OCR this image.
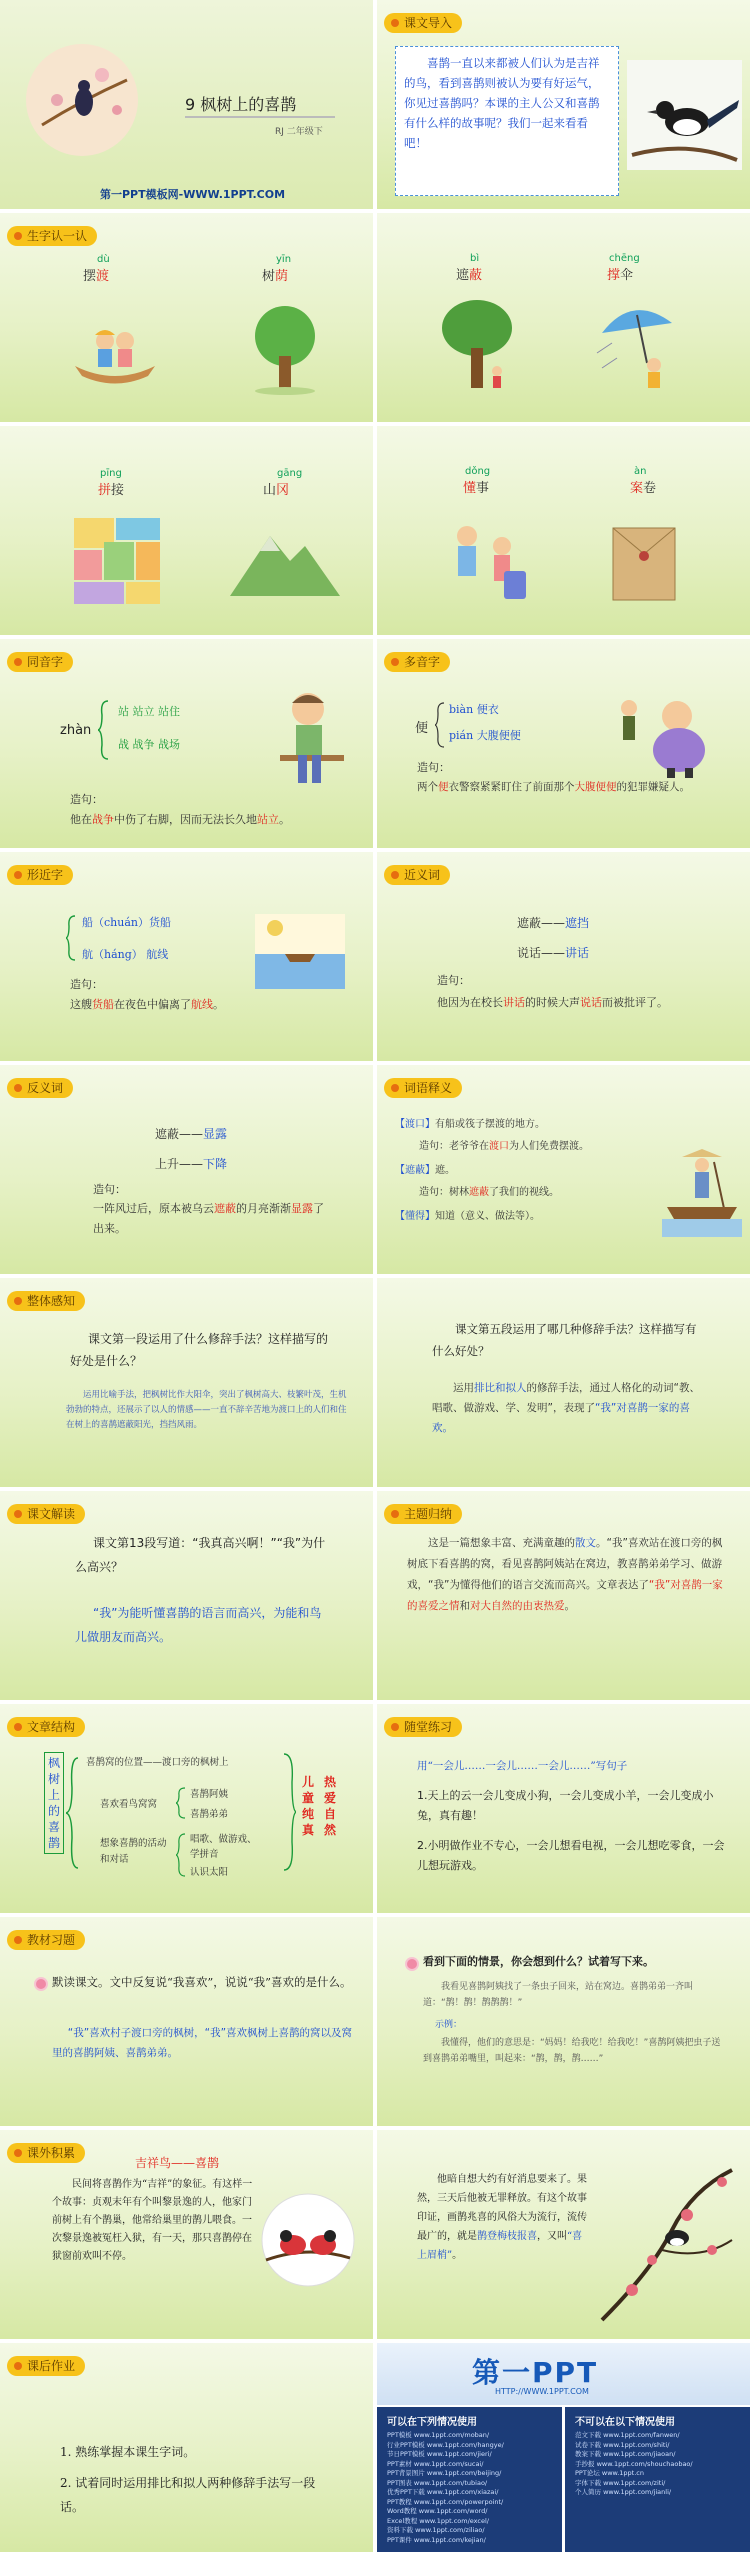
9 枫树上的喜鹊
RJ 二年级下
第一PPT模板网-WWW.1PPT.COM
课文导入
喜鹊一直以来都被人们认为是吉祥的鸟，看到喜鹊则被认为要有好运气，你见过喜鹊吗？本课的主人公又和喜鹊有什么样的故事呢？我们一起来看看吧！
生字认一认
dù
摆渡
yīn
树荫
bì
遮蔽
chēng
撑伞
pīng
拼接
gāng
山冈
dǒng
懂事
àn
案卷
同音字
zhàn
站 站立 站住
战 战争 战场
造句：
他在战争中伤了右脚，因而无法长久地站立。
多音字
便
biàn 便衣
pián 大腹便便
造句：
两个便衣警察紧紧盯住了前面那个大腹便便的犯罪嫌疑人。
形近字
船（chuán）货船
航（háng） 航线
造句：
这艘货船在夜色中偏离了航线。
近义词
遮蔽——遮挡
说话——讲话
造句：
他因为在校长讲话的时候大声说话而被批评了。
反义词
遮蔽——显露
上升——下降
造句：
一阵风过后，原本被乌云遮蔽的月亮渐渐显露了出来。
词语释义
【渡口】有船或筏子摆渡的地方。
造句：老爷爷在渡口为人们免费摆渡。
【遮蔽】遮。
造句：树林遮蔽了我们的视线。
【懂得】知道（意义、做法等）。
整体感知
课文第一段运用了什么修辞手法？这样描写的好处是什么？
运用比喻手法，把枫树比作大阳伞，突出了枫树高大、枝繁叶茂，生机勃勃的特点，还展示了以人的情感——一直不辞辛苦地为渡口上的人们和住在树上的喜鹊遮蔽阳光，挡挡风雨。
课文第五段运用了哪几种修辞手法？这样描写有什么好处？
运用排比和拟人的修辞手法，通过人格化的动词“教、唱歌、做游戏、学、发明”，表现了“我”对喜鹊一家的喜欢。
课文解读
课文第13段写道：“我真高兴啊！”“我”为什么高兴？
“我”为能听懂喜鹊的语言而高兴，为能和鸟儿做朋友而高兴。
主题归纳
这是一篇想象丰富、充满童趣的散文。“我”喜欢站在渡口旁的枫树底下看喜鹊的窝，看见喜鹊阿姨站在窝边，教喜鹊弟弟学习、做游戏，“我”为懂得他们的语言交流而高兴。文章表达了“我”对喜鹊一家的喜爱之情和对大自然的由衷热爱。
文章结构
枫树上的喜鹊
喜鹊窝的位置——渡口旁的枫树上
喜欢看鸟窝窝
喜鹊阿姨
喜鹊弟弟
想象喜鹊的活动和对话
唱歌、做游戏、学拼音
认识太阳
儿童纯真
热爱自然
随堂练习
用“一会儿……一会儿……一会儿……”写句子
1.天上的云一会儿变成小狗，一会儿变成小羊，一会儿变成小兔，真有趣！
2.小明做作业不专心，一会儿想看电视，一会儿想吃零食，一会儿想玩游戏。
教材习题
默读课文。文中反复说“我喜欢”，说说“我”喜欢的是什么。
“我”喜欢村子渡口旁的枫树，“我”喜欢枫树上喜鹊的窝以及窝里的喜鹊阿姨、喜鹊弟弟。
看到下面的情景，你会想到什么？试着写下来。
我看见喜鹊阿姨找了一条虫子回来，站在窝边。喜鹊弟弟一齐叫道：“鹊！鹊！鹊鹊鹊！”
示例：
我懂得，他们的意思是：“妈妈！给我吃！给我吃！”喜鹊阿姨把虫子送到喜鹊弟弟嘴里，叫起来：“鹊，鹊，鹊……”
课外积累
吉祥鸟——喜鹊
民间将喜鹊作为“吉祥”的象征。有这样一个故事：贞观末年有个叫黎景逸的人，他家门前树上有个鹊巢，他常给巢里的鹊儿喂食。一次黎景逸被冤枉入狱，有一天，那只喜鹊停在狱窗前欢叫不停。
他暗自想大约有好消息要来了。果然，三天后他被无罪释放。有这个故事印证，画鹊兆喜的风俗大为流行，流传最广的，就是鹊登梅枝报喜，又叫“喜上眉梢”。
课后作业
1. 熟练掌握本课生字词。
2. 试着同时运用排比和拟人两种修辞手法写一段话。
第一PPT
HTTP://WWW.1PPT.COM
可以在下列情况使用	不可以在以下情况使用
PPT模板 www.1ppt.com/moban/
行业PPT模板 www.1ppt.com/hangye/
节日PPT模板 www.1ppt.com/jieri/
PPT素材 www.1ppt.com/sucai/
PPT背景图片 www.1ppt.com/beijing/
PPT图表 www.1ppt.com/tubiao/
优秀PPT下载 www.1ppt.com/xiazai/
PPT教程 www.1ppt.com/powerpoint/
Word教程 www.1ppt.com/word/
Excel教程 www.1ppt.com/excel/
资料下载 www.1ppt.com/ziliao/
PPT课件 www.1ppt.com/kejian/
范文下载 www.1ppt.com/fanwen/
试卷下载 www.1ppt.com/shiti/
教案下载 www.1ppt.com/jiaoan/
手抄报 www.1ppt.com/shouchaobao/
PPT论坛 www.1ppt.cn
字体下载 www.1ppt.com/ziti/
个人简历 www.1ppt.com/jianli/
